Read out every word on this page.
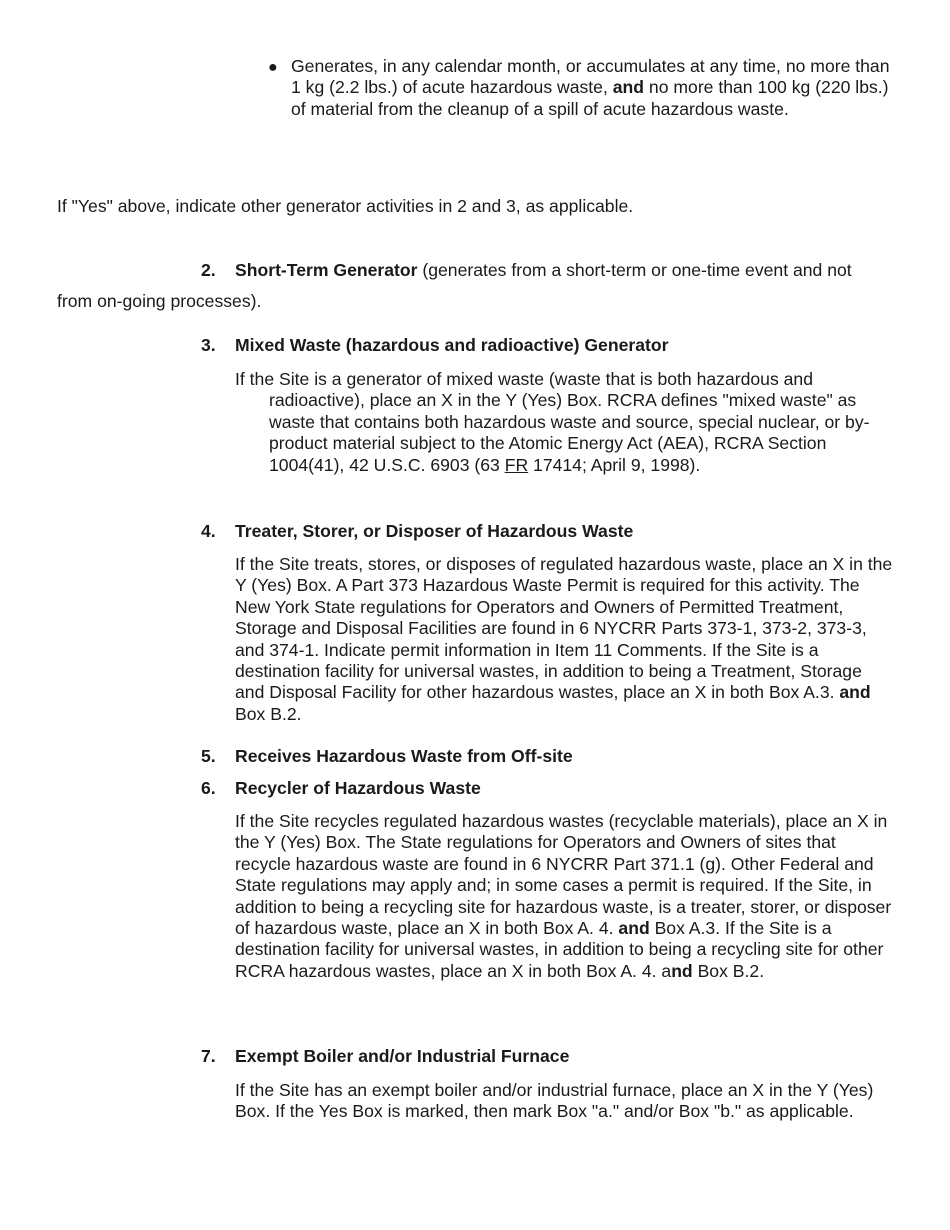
● Generates, in any calendar month, or accumulates at any time, no more than 1 kg (2.2 lbs.) of acute hazardous waste, and no more than 100 kg (220 lbs.) of material from the cleanup of a spill of acute hazardous waste.
If "Yes" above, indicate other generator activities in 2 and 3, as applicable.
2. Short-Term Generator (generates from a short-term or one-time event and not
from on-going processes).
3. Mixed Waste (hazardous and radioactive) Generator
If the Site is a generator of mixed waste (waste that is both hazardous and radioactive), place an X in the Y (Yes) Box. RCRA defines "mixed waste" as waste that contains both hazardous waste and source, special nuclear, or by-product material subject to the Atomic Energy Act (AEA), RCRA Section 1004(41), 42 U.S.C. 6903 (63 FR 17414; April 9, 1998).
4. Treater, Storer, or Disposer of Hazardous Waste
If the Site treats, stores, or disposes of regulated hazardous waste, place an X in the Y (Yes) Box. A Part 373 Hazardous Waste Permit is required for this activity. The New York State regulations for Operators and Owners of Permitted Treatment, Storage and Disposal Facilities are found in 6 NYCRR Parts 373-1, 373-2, 373-3, and 374-1. Indicate permit information in Item 11 Comments. If the Site is a destination facility for universal wastes, in addition to being a Treatment, Storage and Disposal Facility for other hazardous wastes, place an X in both Box A.3. and Box B.2.
5. Receives Hazardous Waste from Off-site
6. Recycler of Hazardous Waste
If the Site recycles regulated hazardous wastes (recyclable materials), place an X in the Y (Yes) Box. The State regulations for Operators and Owners of sites that recycle hazardous waste are found in 6 NYCRR Part 371.1 (g). Other Federal and State regulations may apply and; in some cases a permit is required. If the Site, in addition to being a recycling site for hazardous waste, is a treater, storer, or disposer of hazardous waste, place an X in both Box A. 4. and Box A.3. If the Site is a destination facility for universal wastes, in addition to being a recycling site for other RCRA hazardous wastes, place an X in both Box A. 4. and Box B.2.
7. Exempt Boiler and/or Industrial Furnace
If the Site has an exempt boiler and/or industrial furnace, place an X in the Y (Yes) Box. If the Yes Box is marked, then mark Box "a." and/or Box "b." as applicable.
